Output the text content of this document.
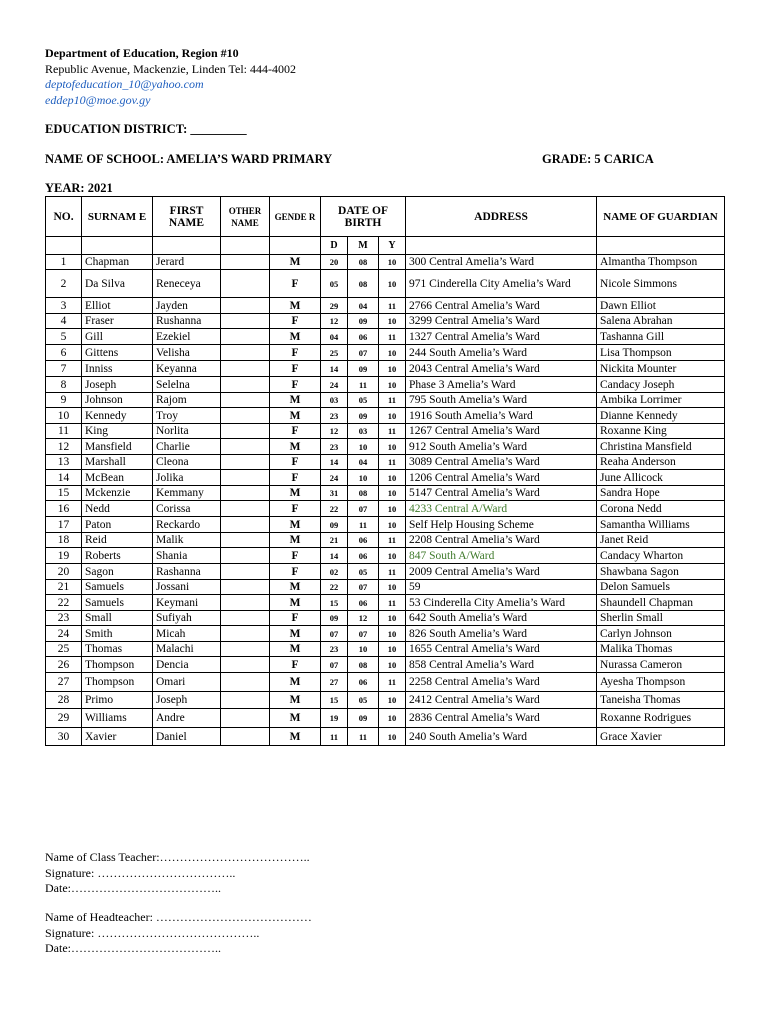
Department of Education, Region #10
Republic Avenue, Mackenzie, Linden Tel: 444-4002
deptofeducation_10@yahoo.com
eddep10@moe.gov.gy
EDUCATION DISTRICT: _________
NAME OF SCHOOL: AMELIA’S WARD PRIMARY	GRADE: 5 CARICA
YEAR: 2021
NO.	SURNAM E	FIRST NAME	OTHER NAME	GENDE R	DATE OF BIRTH			ADDRESS	NAME OF GUARDIAN
					D	M	Y		
1	Chapman	Jerard		M	20	08	10	300 Central Amelia’s Ward	Almantha Thompson
2	Da Silva	Reneceya		F	05	08	10	971 Cinderella City Amelia’s Ward	Nicole Simmons
3	Elliot	Jayden		M	29	04	11	2766 Central Amelia’s Ward	Dawn Elliot
4	Fraser	Rushanna		F	12	09	10	3299 Central Amelia’s Ward	Salena Abrahan
5	Gill	Ezekiel		M	04	06	11	1327 Central Amelia’s Ward	Tashanna Gill
6	Gittens	Velisha		F	25	07	10	244 South Amelia’s Ward	Lisa Thompson
7	Inniss	Keyanna		F	14	09	10	2043 Central Amelia’s Ward	Nickita Mounter
8	Joseph	Selelna		F	24	11	10	Phase 3 Amelia’s Ward	Candacy Joseph
9	Johnson	Rajom		M	03	05	11	795 South Amelia’s Ward	Ambika Lorrimer
10	Kennedy	Troy		M	23	09	10	1916 South Amelia’s Ward	Dianne Kennedy
11	King	Norlita		F	12	03	11	1267 Central Amelia’s Ward	Roxanne King
12	Mansfield	Charlie		M	23	10	10	912 South Amelia’s Ward	Christina Mansfield
13	Marshall	Cleona		F	14	04	11	3089 Central Amelia’s Ward	Reaha Anderson
14	McBean	Jolika		F	24	10	10	1206 Central Amelia’s Ward	June Allicock
15	Mckenzie	Kemmany		M	31	08	10	5147 Central Amelia’s Ward	Sandra Hope
16	Nedd	Corissa		F	22	07	10	4233 Central A/Ward	Corona Nedd
17	Paton	Reckardo		M	09	11	10	Self Help Housing Scheme	Samantha Williams
18	Reid	Malik		M	21	06	11	2208 Central Amelia’s Ward	Janet Reid
19	Roberts	Shania		F	14	06	10	847 South A/Ward	Candacy Wharton
20	Sagon	Rashanna		F	02	05	11	2009 Central Amelia’s Ward	Shawbana Sagon
21	Samuels	Jossani		M	22	07	10	59	Delon Samuels
22	Samuels	Keymani		M	15	06	11	53 Cinderella City Amelia’s Ward	Shaundell Chapman
23	Small	Sufiyah		F	09	12	10	642 South Amelia’s Ward	Sherlin Small
24	Smith	Micah		M	07	07	10	826 South Amelia’s Ward	Carlyn Johnson
25	Thomas	Malachi		M	23	10	10	1655 Central Amelia’s Ward	Malika Thomas
26	Thompson	Dencia		F	07	08	10	858 Central Amelia’s Ward	Nurassa Cameron
27	Thompson	Omari		M	27	06	11	2258 Central Amelia’s Ward	Ayesha Thompson
28	Primo	Joseph		M	15	05	10	2412 Central Amelia’s Ward	Taneisha Thomas
29	Williams	Andre		M	19	09	10	2836 Central Amelia’s Ward	Roxanne Rodrigues
30	Xavier	Daniel		M	11	11	10	240 South Amelia’s Ward	Grace Xavier
Name of Class Teacher:………………………………..
Signature: ……………………………..
Date:………………………………..
Name of Headteacher: …………………………………
Signature: …………………………………..
Date:………………………………..
